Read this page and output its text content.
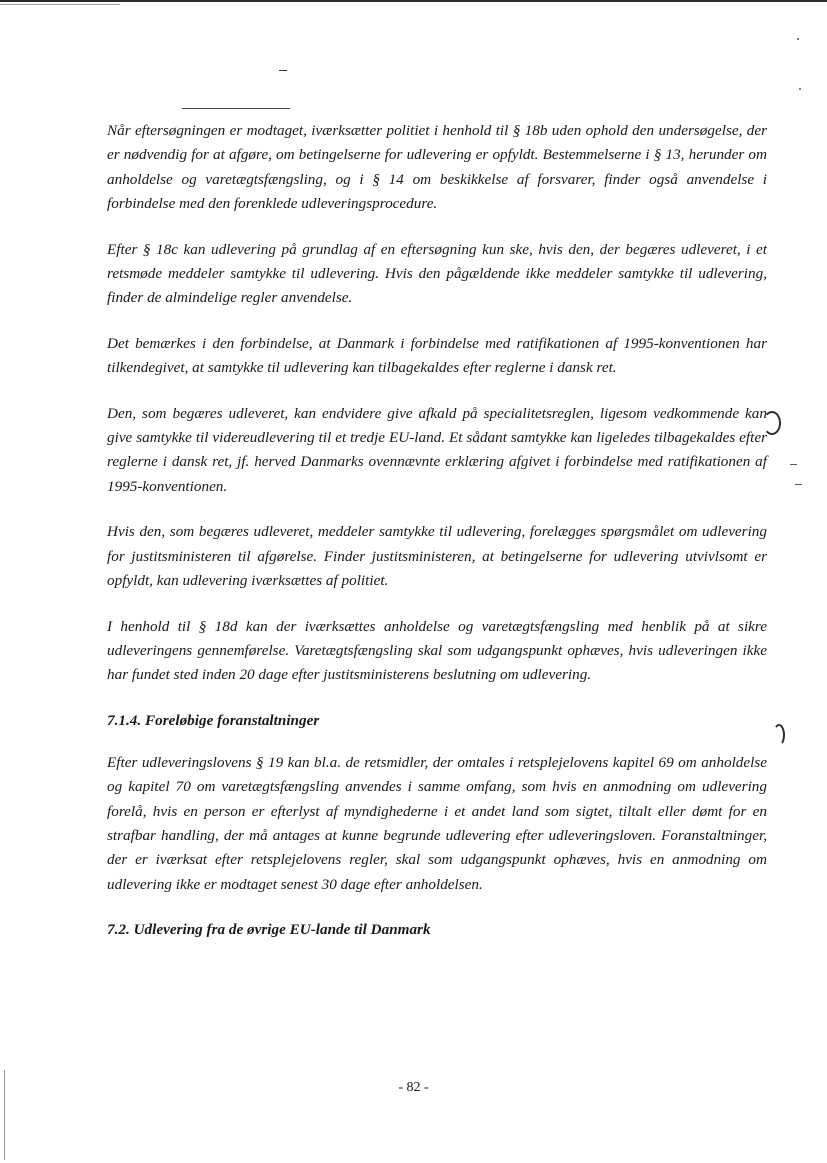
Når eftersøgningen er modtaget, iværksætter politiet i henhold til § 18b uden ophold den undersøgelse, der er nødvendig for at afgøre, om betingelserne for udlevering er opfyldt. Bestemmelserne i § 13, herunder om anholdelse og varetægtsfængsling, og i § 14 om beskikkelse af forsvarer, finder også anvendelse i forbindelse med den forenklede udleveringsprocedure.

Efter § 18c kan udlevering på grundlag af en eftersøgning kun ske, hvis den, der begæres udleveret, i et retsmøde meddeler samtykke til udlevering. Hvis den pågældende ikke meddeler samtykke til udlevering, finder de almindelige regler anvendelse.

Det bemærkes i den forbindelse, at Danmark i forbindelse med ratifikationen af 1995-konventionen har tilkendegivet, at samtykke til udlevering kan tilbagekaldes efter reglerne i dansk ret.

Den, som begæres udleveret, kan endvidere give afkald på specialitetsreglen, ligesom vedkommende kan give samtykke til videreudlevering til et tredje EU-land. Et sådant samtykke kan ligeledes tilbagekaldes efter reglerne i dansk ret, jf. herved Danmarks ovennævnte erklæring afgivet i forbindelse med ratifikationen af 1995-konventionen.

Hvis den, som begæres udleveret, meddeler samtykke til udlevering, forelægges spørgsmålet om udlevering for justitsministeren til afgørelse. Finder justitsministeren, at betingelserne for udlevering utvivlsomt er opfyldt, kan udlevering iværksættes af politiet.

I henhold til § 18d kan der iværksættes anholdelse og varetægtsfængsling med henblik på at sikre udleveringens gennemførelse. Varetægtsfængsling skal som udgangspunkt ophæves, hvis udleveringen ikke har fundet sted inden 20 dage efter justitsministerens beslutning om udlevering.

7.1.4. Foreløbige foranstaltninger

Efter udleveringslovens § 19 kan bl.a. de retsmidler, der omtales i retsplejelovens kapitel 69 om anholdelse og kapitel 70 om varetægtsfængsling anvendes i samme omfang, som hvis en anmodning om udlevering forelå, hvis en person er efterlyst af myndighederne i et andet land som sigtet, tiltalt eller dømt for en strafbar handling, der må antages at kunne begrunde udlevering efter udleveringsloven. Foranstaltninger, der er iværksat efter retsplejelovens regler, skal som udgangspunkt ophæves, hvis en anmodning om udlevering ikke er modtaget senest 30 dage efter anholdelsen.

7.2. Udlevering fra de øvrige EU-lande til Danmark
- 82 -
